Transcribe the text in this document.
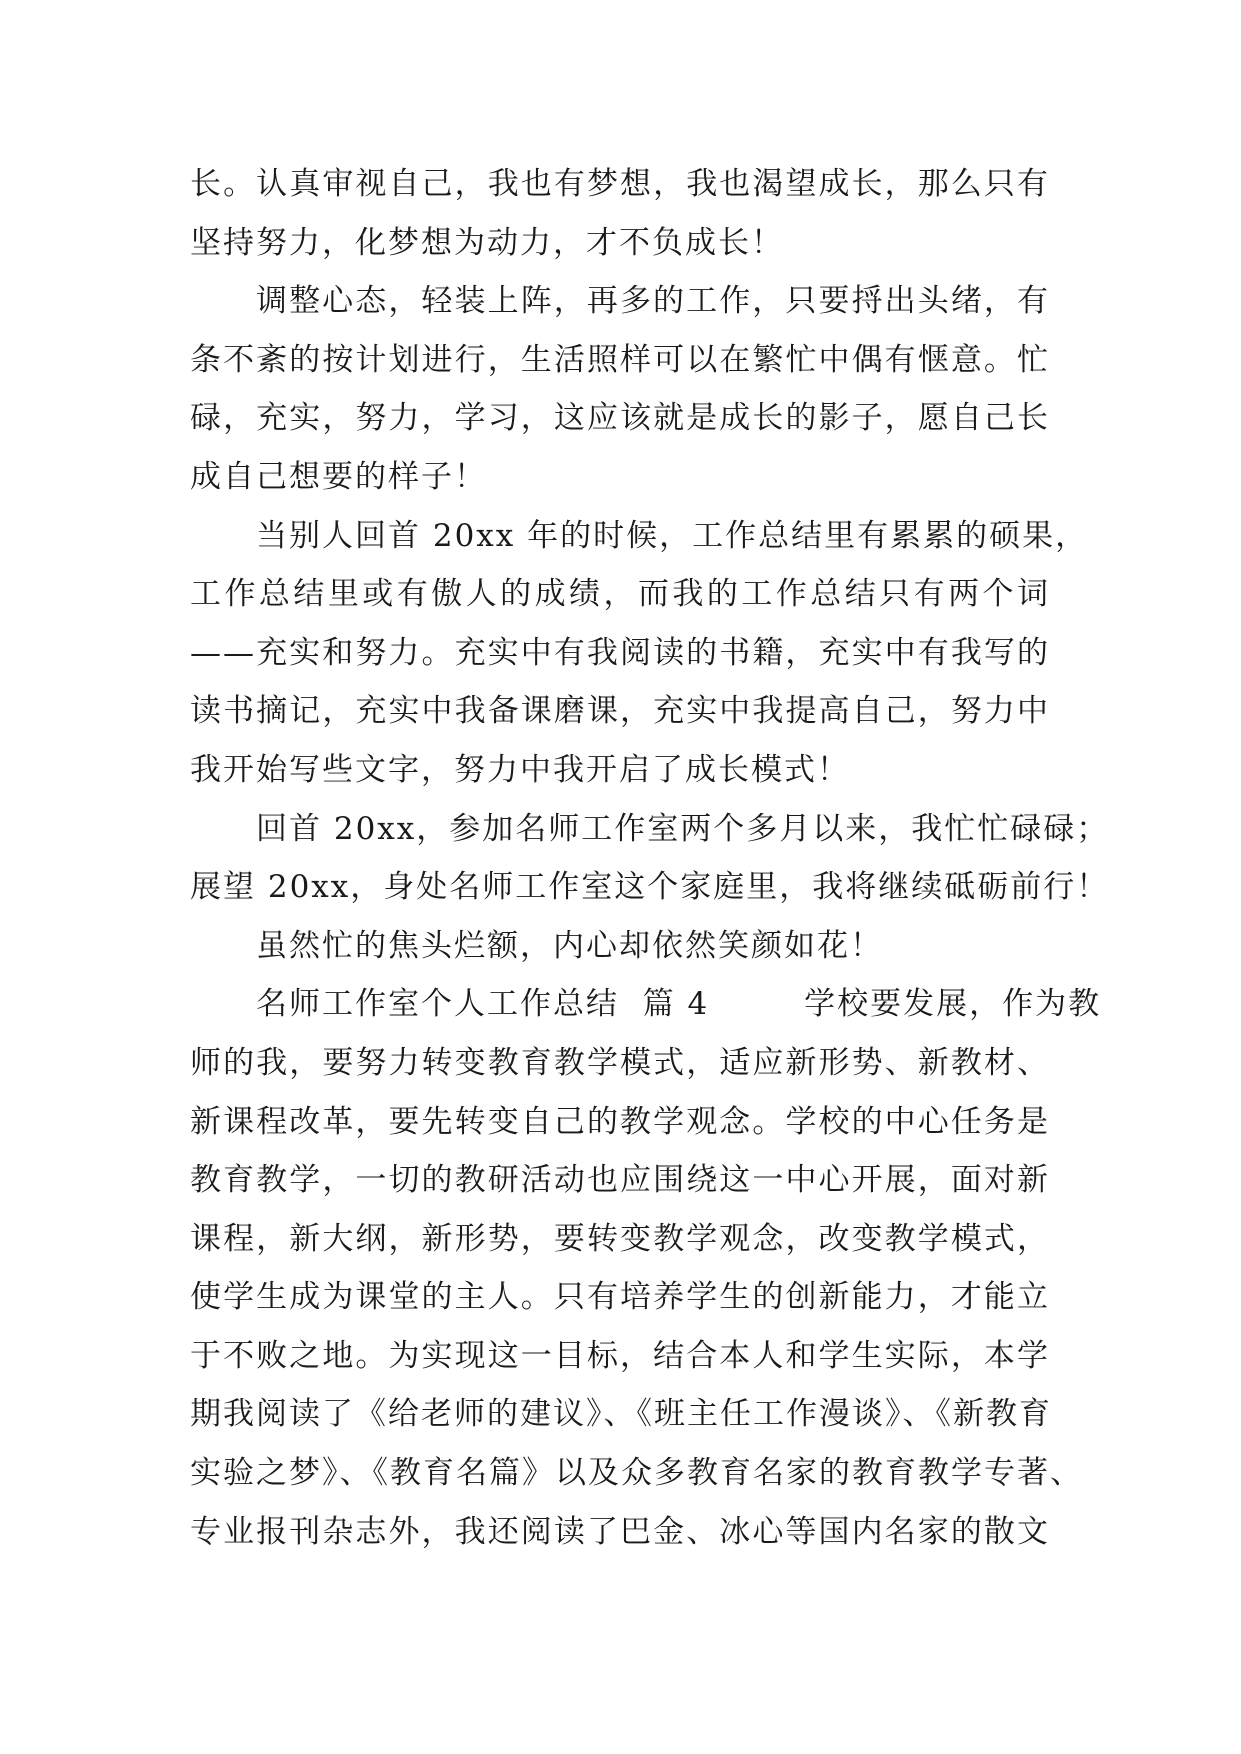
长。认真审视自己，我也有梦想，我也渴望成长，那么只有
坚持努力，化梦想为动力，才不负成长！
调整心态，轻装上阵，再多的工作，只要捋出头绪，有
条不紊的按计划进行，生活照样可以在繁忙中偶有惬意。忙
碌，充实，努力，学习，这应该就是成长的影子，愿自己长
成自己想要的样子！
当别人回首 20xx 年的时候，工作总结里有累累的硕果，
工作总结里或有傲人的成绩，而我的工作总结只有两个词
——充实和努力。充实中有我阅读的书籍，充实中有我写的
读书摘记，充实中我备课磨课，充实中我提高自己，努力中
我开始写些文字，努力中我开启了成长模式！
回首 20xx，参加名师工作室两个多月以来，我忙忙碌碌；
展望 20xx，身处名师工作室这个家庭里，我将继续砥砺前行！
虽然忙的焦头烂额，内心却依然笑颜如花！
名师工作室个人工作总结  篇 4        学校要发展，作为教
师的我，要努力转变教育教学模式，适应新形势、新教材、
新课程改革，要先转变自己的教学观念。学校的中心任务是
教育教学，一切的教研活动也应围绕这一中心开展，面对新
课程，新大纲，新形势，要转变教学观念，改变教学模式，
使学生成为课堂的主人。只有培养学生的创新能力，才能立
于不败之地。为实现这一目标，结合本人和学生实际，本学
期我阅读了《给老师的建议》、《班主任工作漫谈》、《新教育
实验之梦》、《教育名篇》以及众多教育名家的教育教学专著、
专业报刊杂志外，我还阅读了巴金、冰心等国内名家的散文
